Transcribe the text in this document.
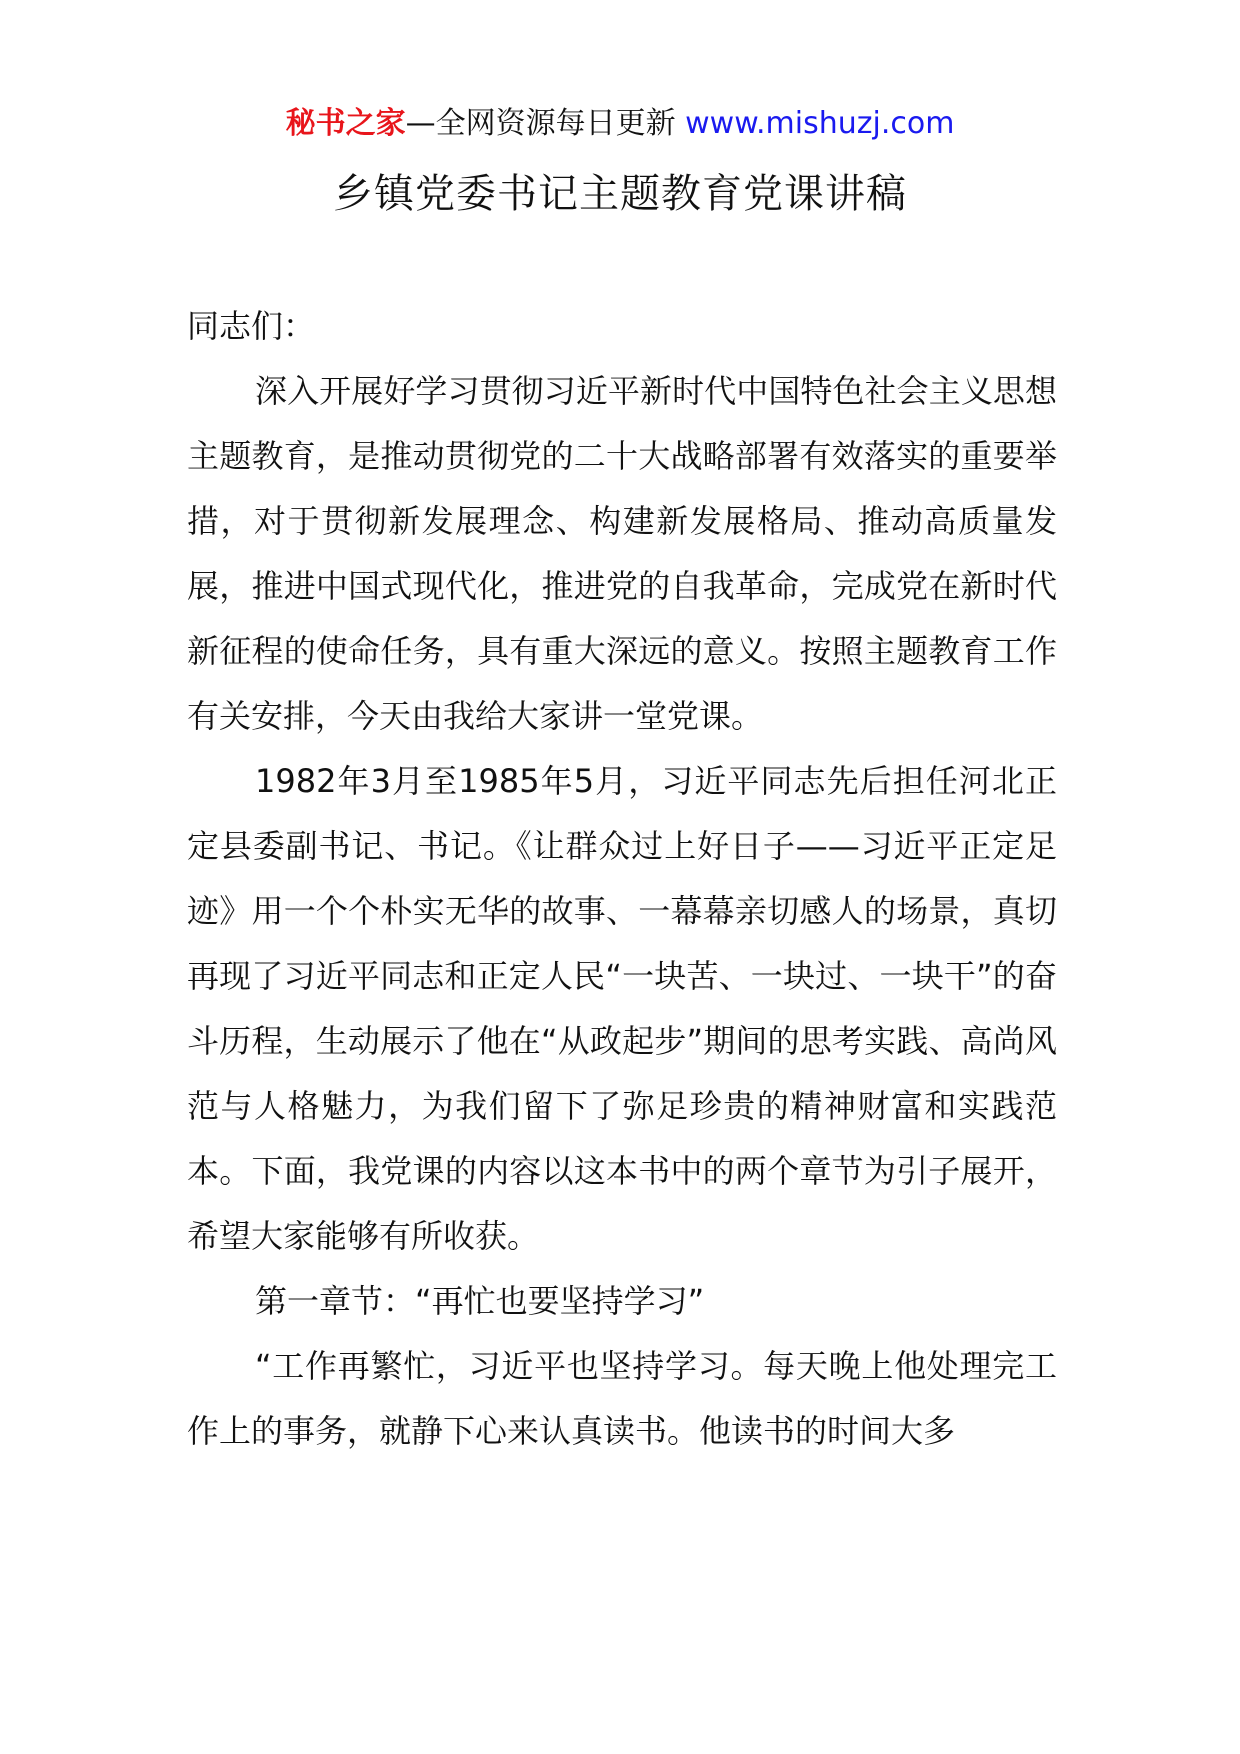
秘书之家—全网资源每日更新 www.mishuzj.com
乡镇党委书记主题教育党课讲稿

同志们：

深入开展好学习贯彻习近平新时代中国特色社会主义思想主题教育，是推动贯彻党的二十大战略部署有效落实的重要举措，对于贯彻新发展理念、构建新发展格局、推动高质量发展，推进中国式现代化，推进党的自我革命，完成党在新时代新征程的使命任务，具有重大深远的意义。按照主题教育工作有关安排，今天由我给大家讲一堂党课。

1982年3月至1985年5月，习近平同志先后担任河北正定县委副书记、书记。《让群众过上好日子——习近平正定足迹》用一个个朴实无华的故事、一幕幕亲切感人的场景，真切再现了习近平同志和正定人民“一块苦、一块过、一块干”的奋斗历程，生动展示了他在“从政起步”期间的思考实践、高尚风范与人格魅力，为我们留下了弥足珍贵的精神财富和实践范本。下面，我党课的内容以这本书中的两个章节为引子展开，希望大家能够有所收获。

第一章节：“再忙也要坚持学习”

“工作再繁忙，习近平也坚持学习。每天晚上他处理完工作上的事务，就静下心来认真读书。他读书的时间大多
